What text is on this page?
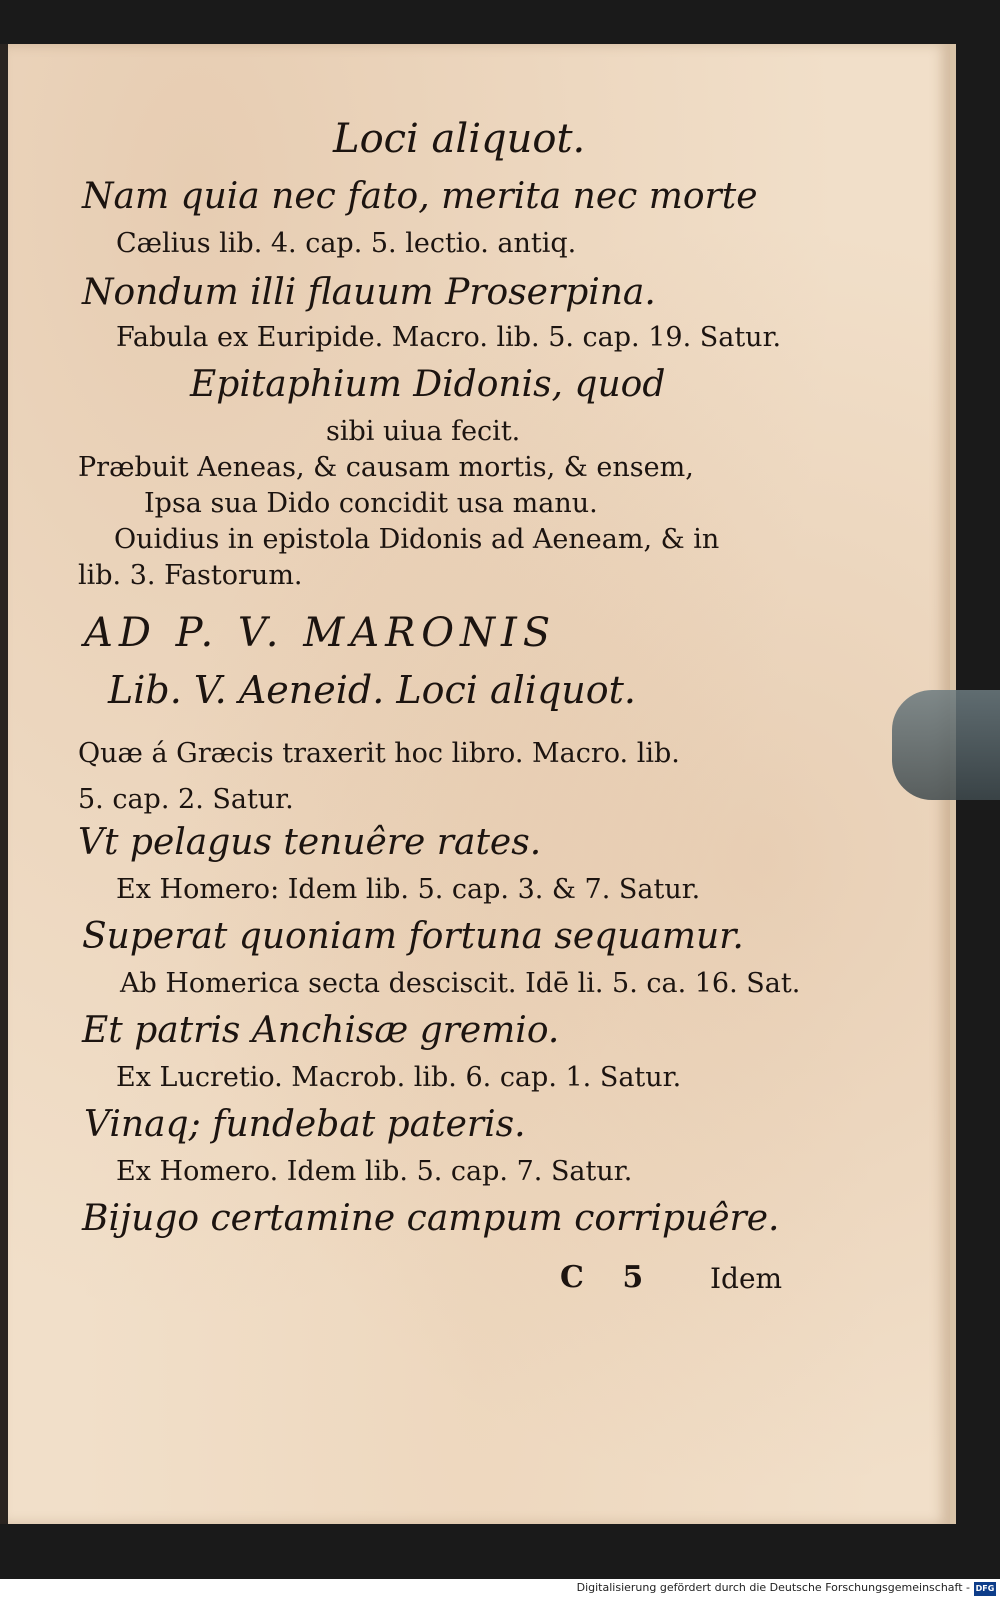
Loci aliquot.
Nam quia nec fato, merita nec morte
Cælius lib. 4. cap. 5. lectio. antiq.
Nondum illi flauum Proserpina.
Fabula ex Euripide. Macro. lib. 5. cap. 19. Satur.
Epitaphium Didonis, quod
sibi uiua fecit.
Præbuit Aeneas, & causam mortis, & ensem,
Ipsa sua Dido concidit usa manu.
Ouidius in epistola Didonis ad Aeneam, & in
lib. 3. Fastorum.
AD P. V. MARONIS
Lib. V. Aeneid. Loci aliquot.
Quæ á Græcis traxerit hoc libro. Macro. lib.
5. cap. 2. Satur.
Vt pelagus tenuêre rates.
Ex Homero: Idem lib. 5. cap. 3. & 7. Satur.
Superat quoniam fortuna sequamur.
Ab Homerica secta desciscit. Idē li. 5. ca. 16. Sat.
Et patris Anchisæ gremio.
Ex Lucretio. Macrob. lib. 6. cap. 1. Satur.
Vinaq; fundebat pateris.
Ex Homero. Idem lib. 5. cap. 7. Satur.
Bijugo certamine campum corripuêre.
C 5 Idem
Digitalisierung gefördert durch die Deutsche Forschungsgemeinschaft - DFG
